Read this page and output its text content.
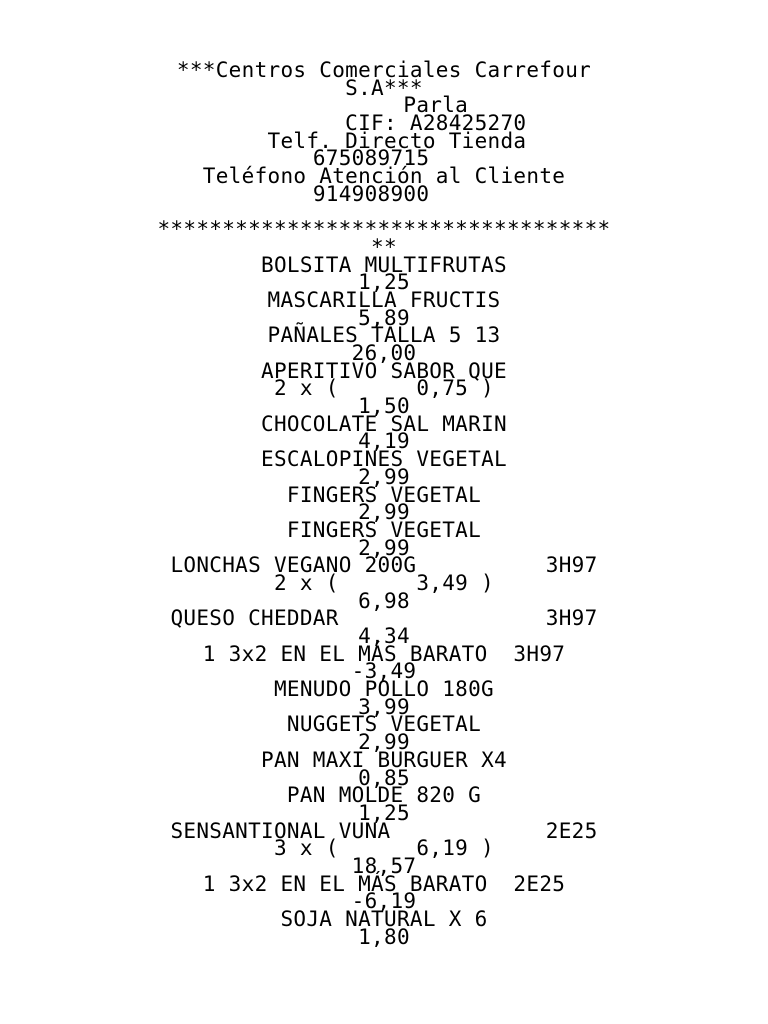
***Centros Comerciales Carrefour
S.A***
Parla
CIF: A28425270
Telf. Directo Tienda
675089715
Teléfono Atención al Cliente
914908900
***********************************
**
BOLSITA MULTIFRUTAS
1,25
MASCARILLA FRUCTIS
5,89
PAÑALES TALLA 5 13
26,00
APERITIVO SABOR QUE
2 x (      0,75 )
1,50
CHOCOLATE SAL MARIN
4,19
ESCALOPINES VEGETAL
2,99
FINGERS VEGETAL
2,99
FINGERS VEGETAL
2,99
LONCHAS VEGANO 200G          3H97
2 x (      3,49 )
6,98
QUESO CHEDDAR                3H97
4,34
1 3x2 EN EL MÁS BARATO  3H97
-3,49
MENUDO POLLO 180G
3,99
NUGGETS VEGETAL
2,99
PAN MAXI BURGUER X4
0,85
PAN MOLDE 820 G
1,25
SENSANTIONAL VUNA            2E25
3 x (      6,19 )
18,57
1 3x2 EN EL MÁS BARATO  2E25
-6,19
SOJA NATURAL X 6
1,80
